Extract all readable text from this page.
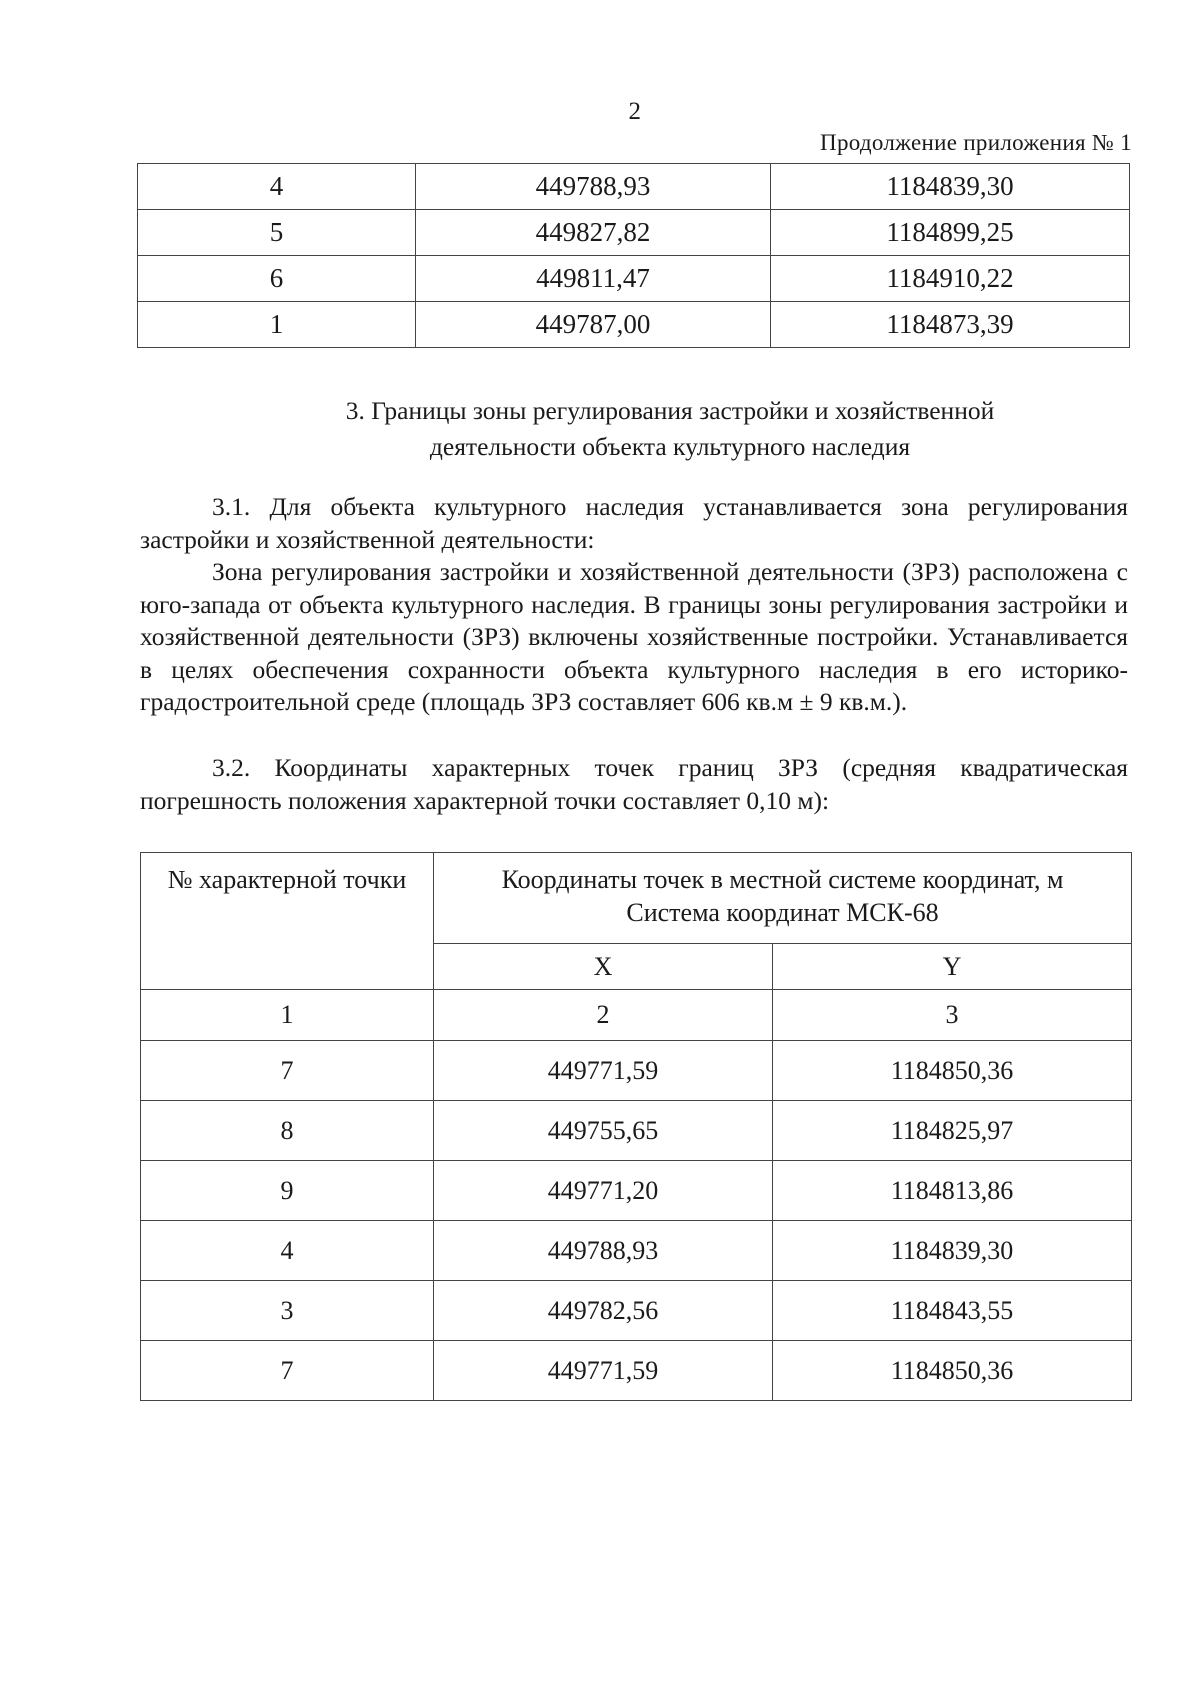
2
Продолжение приложения № 1
4	449788,93	1184839,30
5	449827,82	1184899,25
6	449811,47	1184910,22
1	449787,00	1184873,39
3. Границы зоны регулирования застройки и хозяйственной
деятельности объекта культурного наследия

3.1. Для объекта культурного наследия устанавливается зона регулирования застройки и хозяйственной деятельности:

Зона регулирования застройки и хозяйственной деятельности (ЗРЗ) расположена с юго-запада от объекта культурного наследия. В границы зоны регулирования застройки и хозяйственной деятельности (ЗРЗ) включены хозяйственные постройки. Устанавливается в целях обеспечения сохранности объекта культурного наследия в его историко-градостроительной среде (площадь ЗРЗ составляет 606 кв.м ± 9 кв.м.).

3.2. Координаты характерных точек границ ЗРЗ (средняя квадратическая погрешность положения характерной точки составляет 0,10 м):

№ характерной точки	Координаты точек в местной системе координат, м
Система координат МСК-68	

	X	Y
1	2	3
7	449771,59	1184850,36
8	449755,65	1184825,97
9	449771,20	1184813,86
4	449788,93	1184839,30
3	449782,56	1184843,55
7	449771,59	1184850,36
